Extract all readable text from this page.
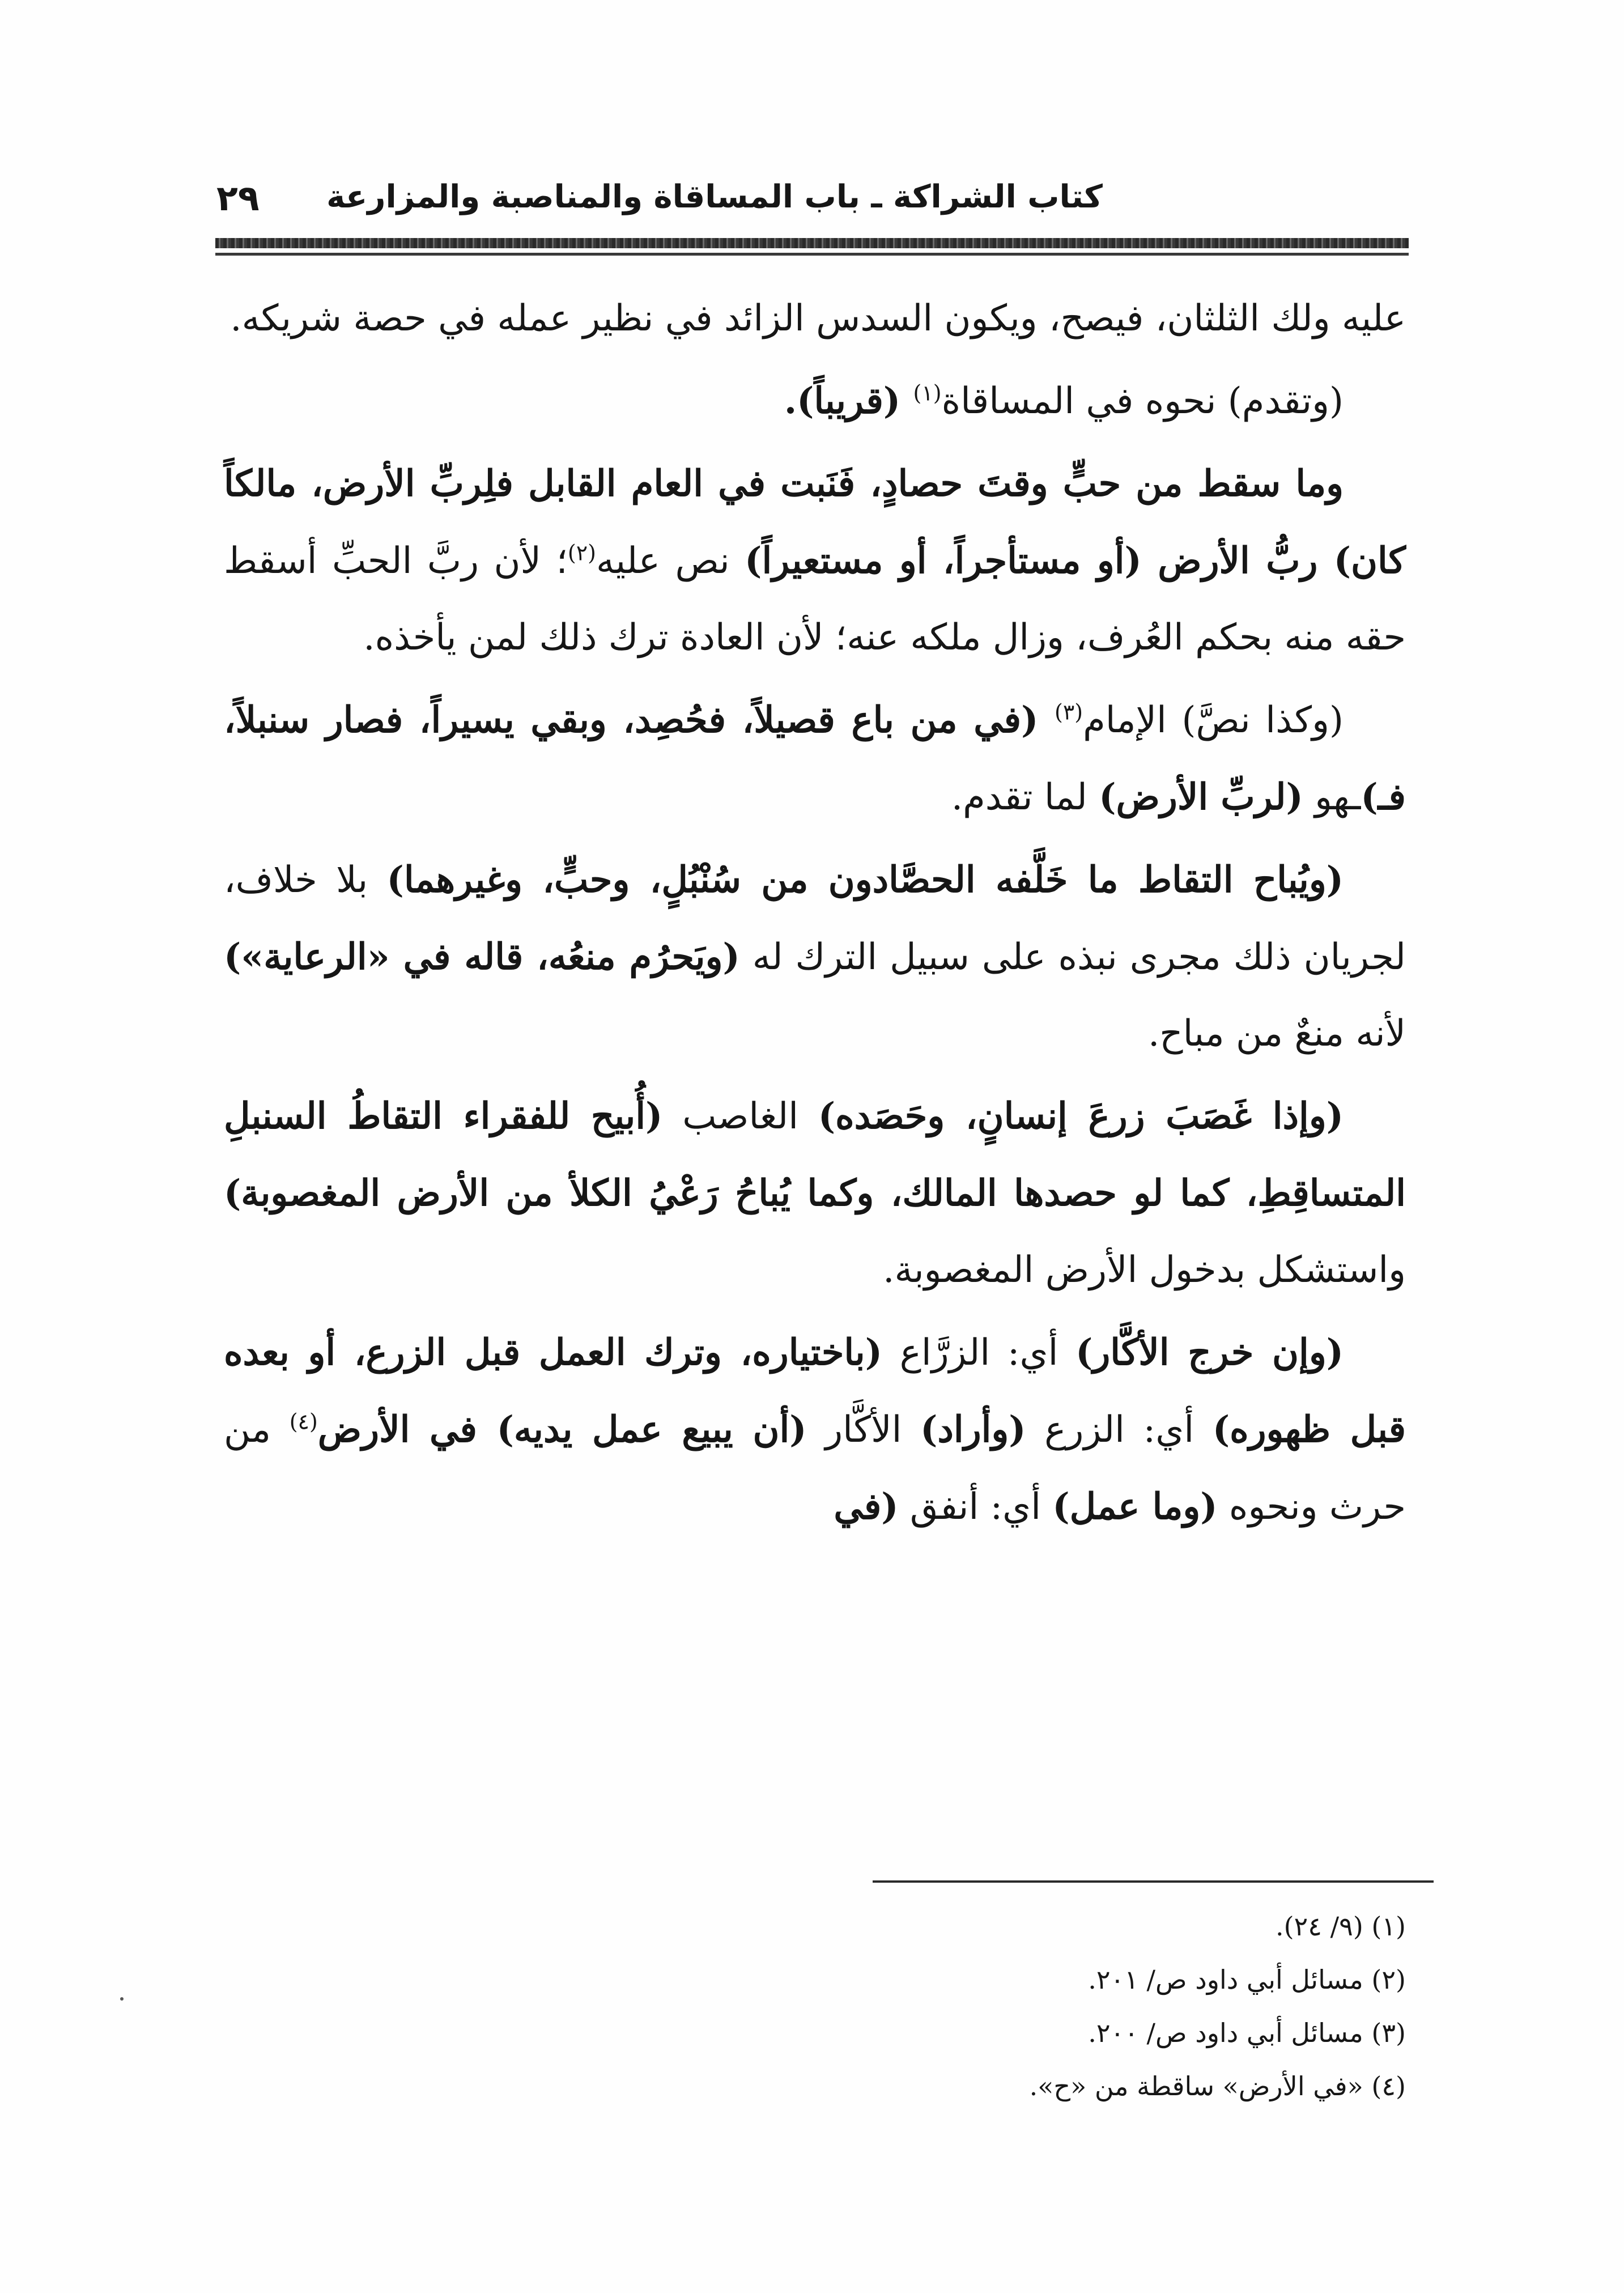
كتاب الشراكة ـ باب المساقاة والمناصبة والمزارعة
٢٩

عليه ولك الثلثان، فيصح، ويكون السدس الزائد في نظير عمله في حصة شريكه.

(وتقدم) نحوه في المساقاة$^{(١)}$ (قريباً).

وما سقط من حبٍّ وقتَ حصادٍ، فَنَبت في العام القابل فلِربِّ الأرض، مالكاً كان) ربُّ الأرض (أو مستأجراً، أو مستعيراً) نص عليه$^{(٢)}$؛ لأن ربَّ الحبِّ أسقط حقه منه بحكم العُرف، وزال ملكه عنه؛ لأن العادة ترك ذلك لمن يأخذه.

(وكذا نصَّ) الإمام$^{(٣)}$ (في من باع قصيلاً، فحُصِد، وبقي يسيراً، فصار سنبلاً، فـ)ـهو (لربِّ الأرض) لما تقدم.

(ويُباح التقاط ما خَلَّفه الحصَّادون من سُنْبُلٍ، وحبٍّ، وغيرهما) بلا خلاف، لجريان ذلك مجرى نبذه على سبيل الترك له (ويَحرُم منعُه، قاله في «الرعاية») لأنه منعٌ من مباح.

(وإذا غَصَبَ زرعَ إنسانٍ، وحَصَده) الغاصب (أُبيح للفقراء التقاطُ السنبلِ المتساقِطِ، كما لو حصدها المالك، وكما يُباحُ رَعْيُ الكلأ من الأرض المغصوبة) واستشكل بدخول الأرض المغصوبة.

(وإن خرج الأكَّار) أي: الزرَّاع (باختياره، وترك العمل قبل الزرع، أو بعده قبل ظهوره) أي: الزرع (وأراد) الأكَّار (أن يبيع عمل يديه) في الأرض$^{(٤)}$ من حرث ونحوه (وما عمل) أي: أنفق (في

(١) (٩/ ٢٤).

(٢) مسائل أبي داود ص/ ٢٠١.

(٣) مسائل أبي داود ص/ ٢٠٠.

(٤) «في الأرض» ساقطة من «ح».
